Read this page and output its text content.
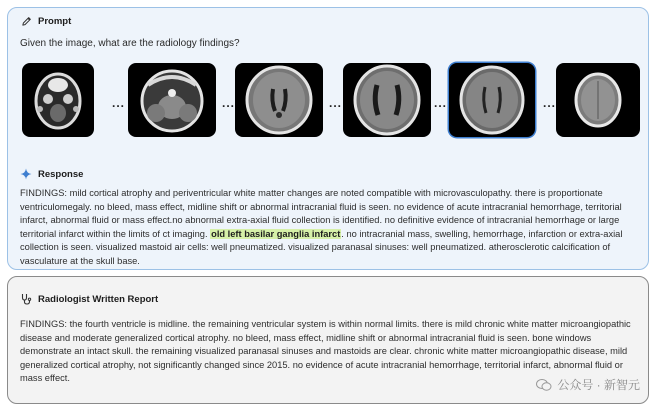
Prompt
Given the image, what are the radiology findings?
...	...	...	...	...
Response
FINDINGS: mild cortical atrophy and periventricular white matter changes are noted compatible with microvasculopathy. there is proportionate ventriculomegaly. no bleed, mass effect, midline shift or abnormal intracranial fluid is seen. no evidence of acute intracranial hemorrhage, territorial infarct, abnormal fluid or mass effect.no abnormal extra-axial fluid collection is identified. no definitive evidence of intracranial hemorrhage or large territorial infarct within the limits of ct imaging. old left basilar ganglia infarct. no intracranial mass, swelling, hemorrhage, infarction or extra-axial collection is seen. visualized mastoid air cells: well pneumatized. visualized paranasal sinuses: well pneumatized. atherosclerotic calcification of vasculature at the skull base.
Radiologist Written Report
FINDINGS: the fourth ventricle is midline. the remaining ventricular system is within normal limits. there is mild chronic white matter microangiopathic disease and moderate generalized cortical atrophy. no bleed, mass effect, midline shift or abnormal intracranial fluid is seen. bone windows demonstrate an intact skull. the remaining visualized paranasal sinuses and mastoids are clear. chronic white matter microangiopathic disease, mild generalized cortical atrophy, not significantly changed since 2015. no evidence of acute intracranial hemorrhage, territorial infarct, abnormal fluid or mass effect.	公众号 · 新智元
